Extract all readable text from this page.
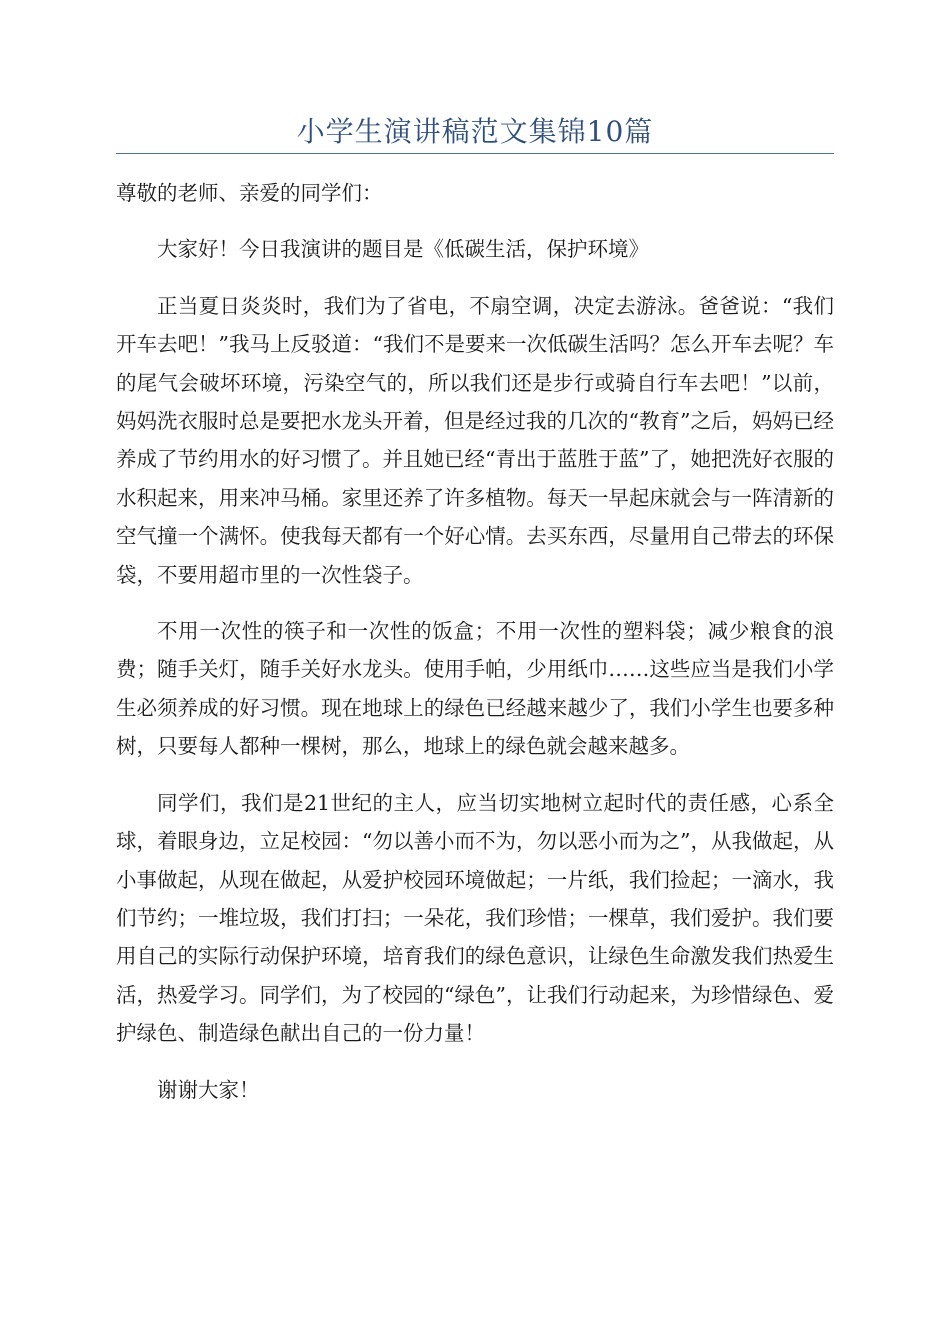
小学生演讲稿范文集锦10篇

尊敬的老师、亲爱的同学们：

大家好！今日我演讲的题目是《低碳生活，保护环境》

正当夏日炎炎时，我们为了省电，不扇空调，决定去游泳。爸爸说：“我们开车去吧！”我马上反驳道：“我们不是要来一次低碳生活吗？怎么开车去呢？车的尾气会破坏环境，污染空气的，所以我们还是步行或骑自行车去吧！”以前，妈妈洗衣服时总是要把水龙头开着，但是经过我的几次的“教育”之后，妈妈已经养成了节约用水的好习惯了。并且她已经“青出于蓝胜于蓝”了，她把洗好衣服的水积起来，用来冲马桶。家里还养了许多植物。每天一早起床就会与一阵清新的空气撞一个满怀。使我每天都有一个好心情。去买东西，尽量用自己带去的环保袋，不要用超市里的一次性袋子。

不用一次性的筷子和一次性的饭盒；不用一次性的塑料袋；减少粮食的浪费；随手关灯，随手关好水龙头。使用手帕，少用纸巾……这些应当是我们小学生必须养成的好习惯。现在地球上的绿色已经越来越少了，我们小学生也要多种树，只要每人都种一棵树，那么，地球上的绿色就会越来越多。

同学们，我们是21世纪的主人，应当切实地树立起时代的责任感，心系全球，着眼身边，立足校园：“勿以善小而不为，勿以恶小而为之”，从我做起，从小事做起，从现在做起，从爱护校园环境做起；一片纸，我们捡起；一滴水，我们节约；一堆垃圾，我们打扫；一朵花，我们珍惜；一棵草，我们爱护。我们要用自己的实际行动保护环境，培育我们的绿色意识，让绿色生命激发我们热爱生活，热爱学习。同学们，为了校园的“绿色”，让我们行动起来，为珍惜绿色、爱护绿色、制造绿色献出自己的一份力量！

谢谢大家！
